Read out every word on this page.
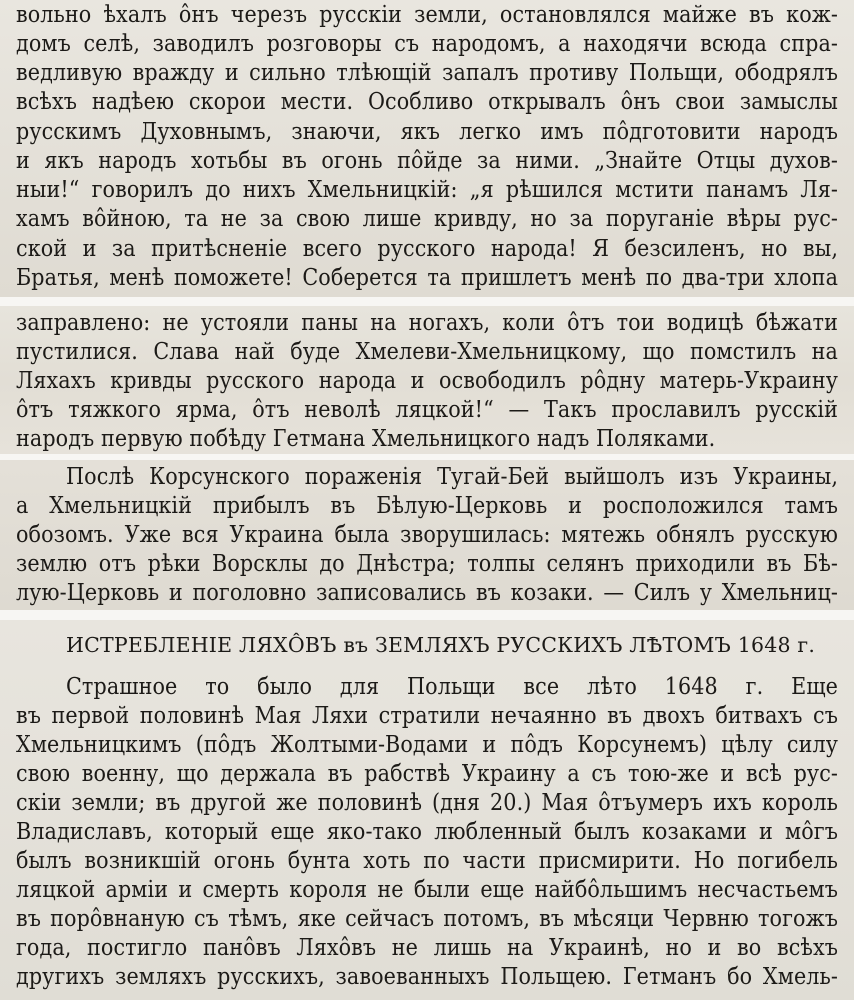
вольно ѣхалъ ôнъ черезъ русскіи земли, останoвлялся майже въ кож-
домъ селѣ, заводилъ розговоры съ народомъ, а находячи всюда спра-
ведливую вражду и сильно тлѣющій запалъ противу Польщи, ободрялъ
всѣхъ надѣею скорои мести. Особливо открывалъ ôнъ свои замыслы
русскимъ Духовнымъ, знаючи, якъ легко имъ пôдготовити народъ
и якъ народъ хотьбы въ огонь пôйде за ними. „Знайте Отцы духов-
ныи!“ говорилъ до нихъ Хмельницкій: „я рѣшился мстити панамъ Ля-
хамъ вôйною, та не за свою лише кривду, но за поруганіе вѣры рус-
ской и за притѣсненіе всего русского народа! Я безсиленъ, но вы,
Братья, менѣ поможете! Соберется та пришлетъ менѣ по два-три хлопа
заправлено: не устояли паны на ногахъ, коли ôтъ тои водицѣ бѣжати
пустилися. Слава най буде Хмелеви-Хмельницкому, що помстилъ на
Ляхахъ кривды русского народа и освободилъ рôдну матерь-Украину
ôтъ тяжкого ярма, ôтъ неволѣ ляцкой!“ — Такъ прославилъ русскій
народъ первую побѣду Гетмана Хмельницкого надъ Поляками.
Послѣ Корсунского пораженія Тугай-Бей выйшолъ изъ Украины,
а Хмельницкій прибылъ въ Бѣлую-Церковь и росположился тамъ
обозомъ. Уже вся Украина была зворушилась: мятежь обнялъ русскую
землю отъ рѣки Ворсклы до Днѣстра; толпы селянъ приходили въ Бѣ-
лую-Церковь и поголовно записовались въ козаки. — Силъ у Хмельниц-
ИСТРЕБЛЕНІЕ ЛЯХÔВЪ въ ЗЕМЛЯХЪ РУССКИХЪ ЛѢТОМЪ 1648 г.
Страшное то было для Польщи все лѣто 1648 г. Еще
въ первой половинѣ Мая Ляхи стратили нечаянно въ двохъ битвахъ съ
Хмельницкимъ (пôдъ Жолтыми-Водами и пôдъ Корсунемъ) цѣлу силу
свою военну, що держала въ рабствѣ Украину а съ тою-же и всѣ рус-
скіи земли; въ другой же половинѣ (дня 20.) Мая ôтъумеръ ихъ король
Владиславъ, который еще яко-тако любленный былъ козаками и мôгъ
былъ возникшій огонь бунта хоть по части присмирити. Но погибель
ляцкой арміи и смерть короля не были еще найбôльшимъ несчастьемъ
въ порôвнаную съ тѣмъ, яке сейчасъ потомъ, въ мѣсяци Червню тогожъ
года, постигло панôвъ Ляхôвъ не лишь на Украинѣ, но и во всѣхъ
другихъ земляхъ русскихъ, завоеванныхъ Польщею. Гетманъ бо Хмель-
